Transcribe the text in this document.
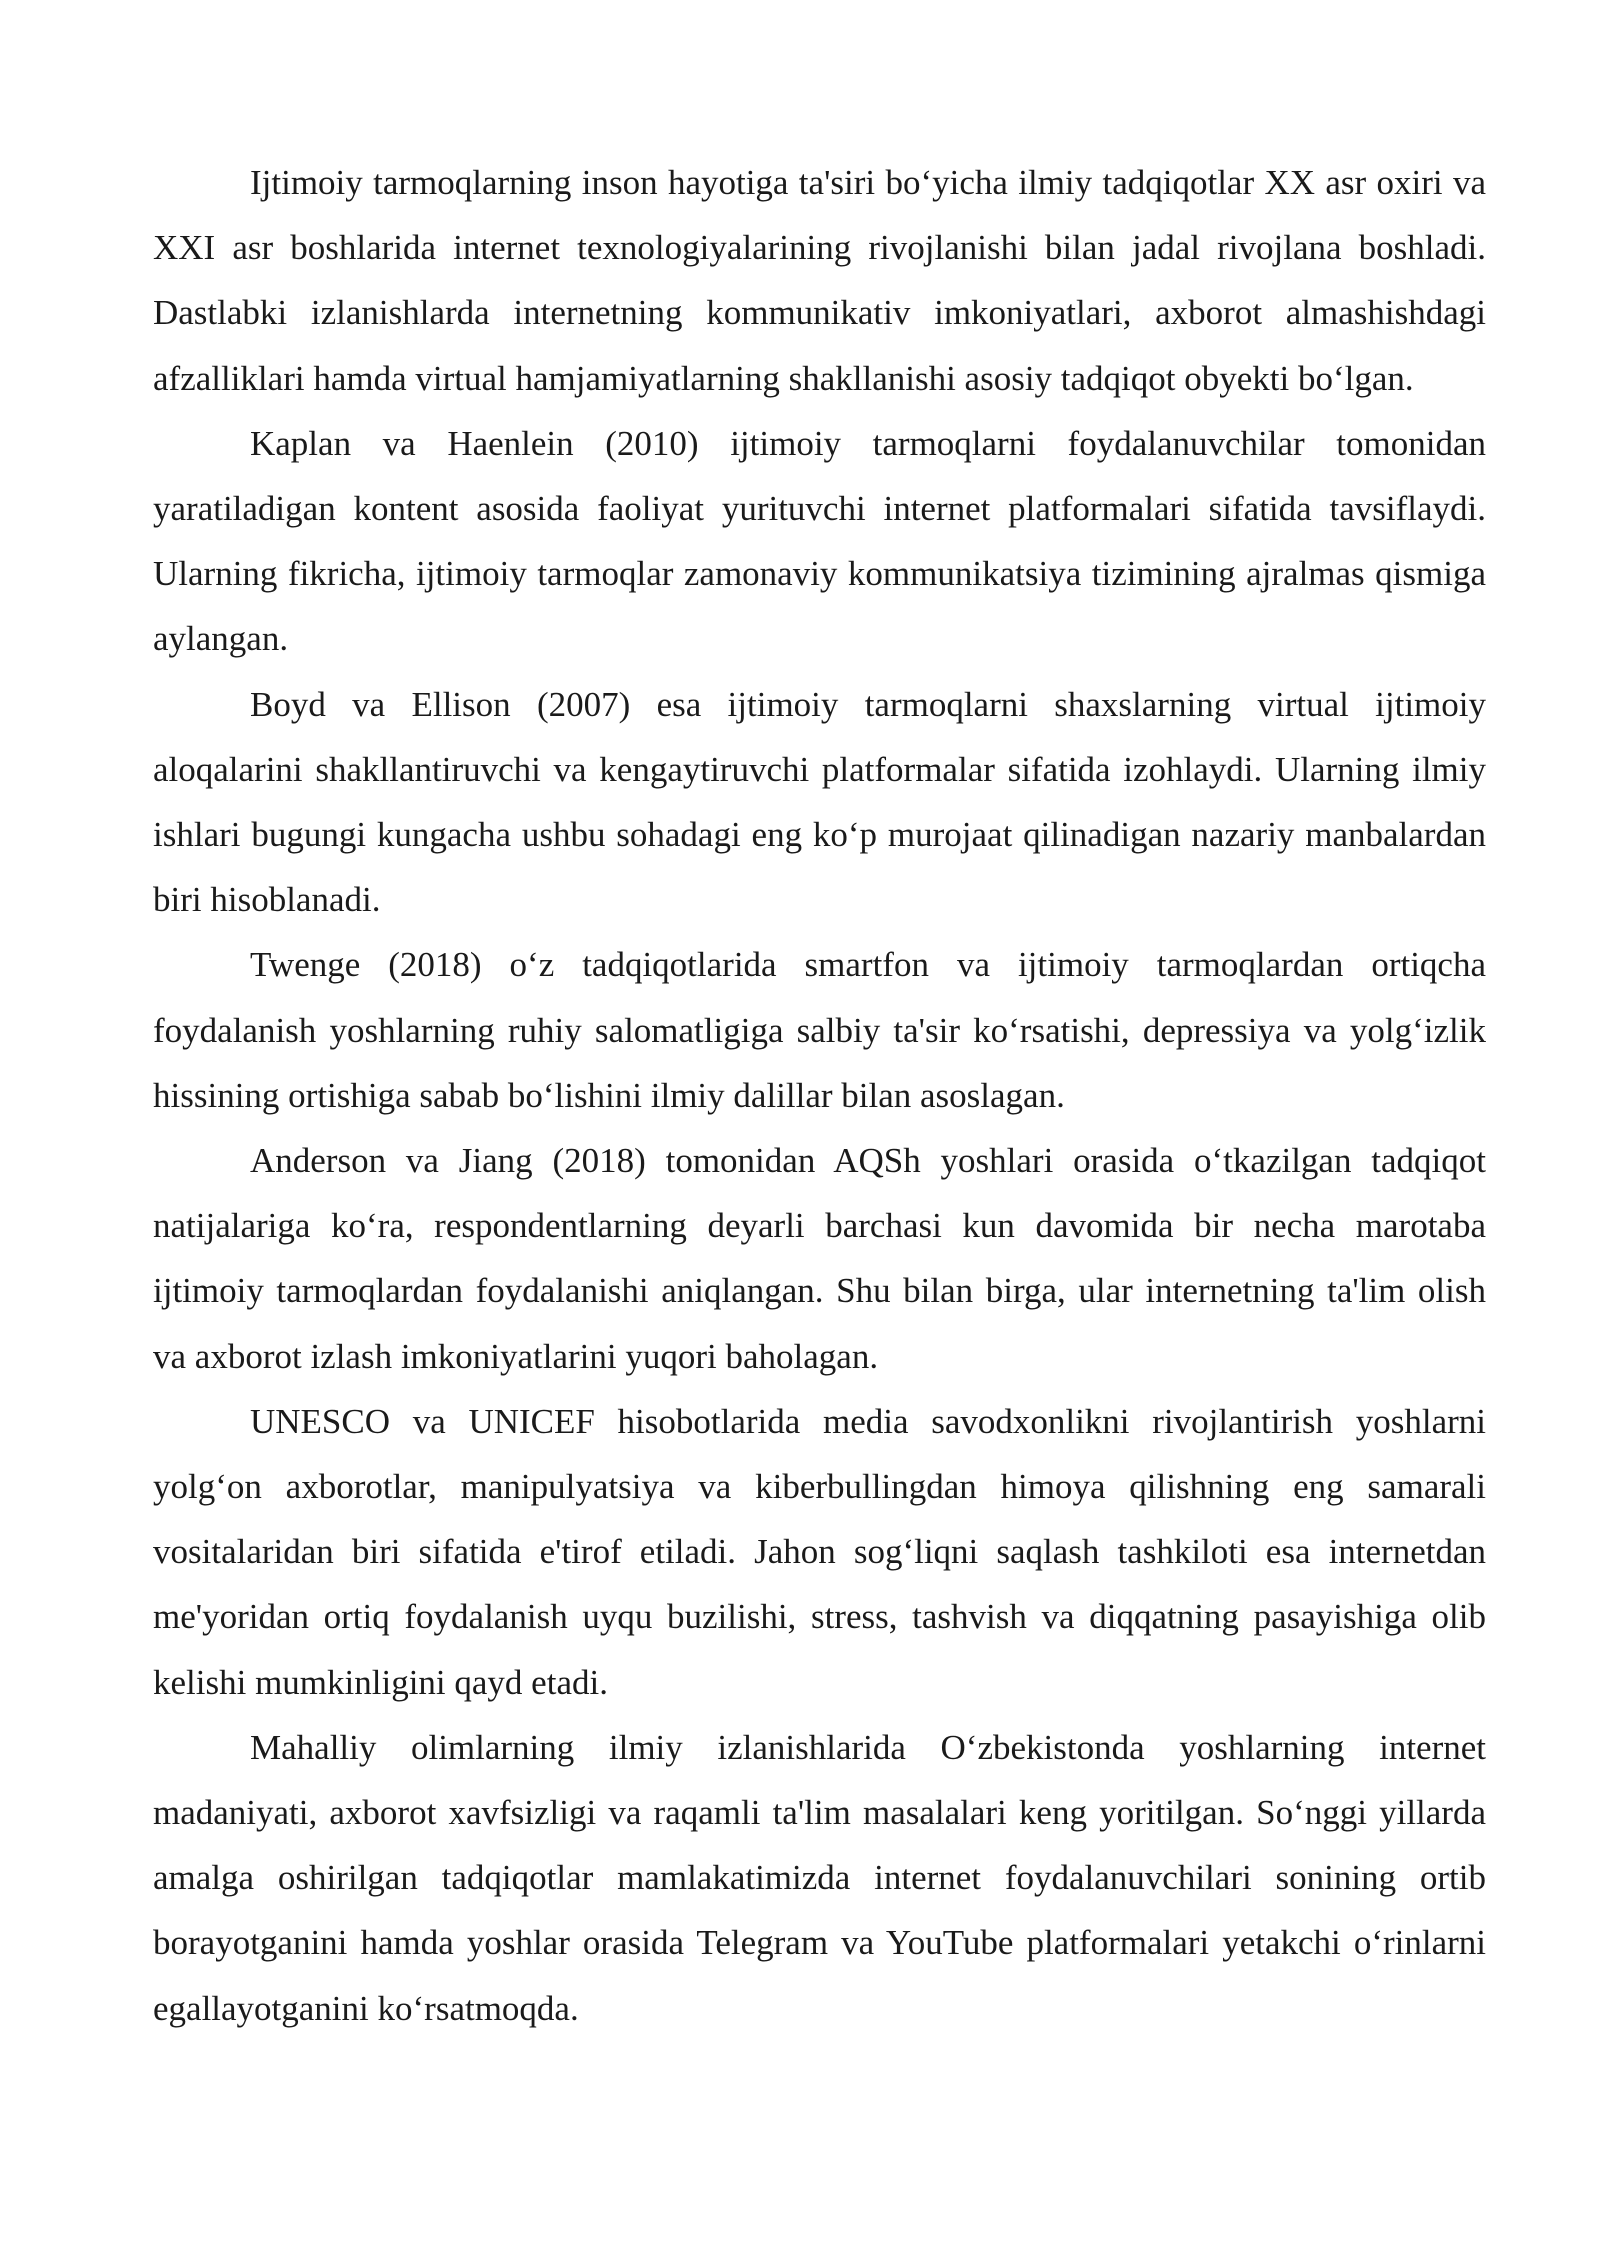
Ijtimoiy tarmoqlarning inson hayotiga ta'siri bo‘yicha ilmiy tadqiqotlar XX asr oxiri va XXI asr boshlarida internet texnologiyalarining rivojlanishi bilan jadal rivojlana boshladi. Dastlabki izlanishlarda internetning kommunikativ imkoniyatlari, axborot almashishdagi afzalliklari hamda virtual hamjamiyatlarning shakllanishi asosiy tadqiqot obyekti bo‘lgan.

Kaplan va Haenlein (2010) ijtimoiy tarmoqlarni foydalanuvchilar tomonidan yaratiladigan kontent asosida faoliyat yurituvchi internet platformalari sifatida tavsiflaydi. Ularning fikricha, ijtimoiy tarmoqlar zamonaviy kommunikatsiya tizimining ajralmas qismiga aylangan.

Boyd va Ellison (2007) esa ijtimoiy tarmoqlarni shaxslarning virtual ijtimoiy aloqalarini shakllantiruvchi va kengaytiruvchi platformalar sifatida izohlaydi. Ularning ilmiy ishlari bugungi kungacha ushbu sohadagi eng ko‘p murojaat qilinadigan nazariy manbalardan biri hisoblanadi.

Twenge (2018) o‘z tadqiqotlarida smartfon va ijtimoiy tarmoqlardan ortiqcha foydalanish yoshlarning ruhiy salomatligiga salbiy ta'sir ko‘rsatishi, depressiya va yolg‘izlik hissining ortishiga sabab bo‘lishini ilmiy dalillar bilan asoslagan.

Anderson va Jiang (2018) tomonidan AQSh yoshlari orasida o‘tkazilgan tadqiqot natijalariga ko‘ra, respondentlarning deyarli barchasi kun davomida bir necha marotaba ijtimoiy tarmoqlardan foydalanishi aniqlangan. Shu bilan birga, ular internetning ta'lim olish va axborot izlash imkoniyatlarini yuqori baholagan.

UNESCO va UNICEF hisobotlarida media savodxonlikni rivojlantirish yoshlarni yolg‘on axborotlar, manipulyatsiya va kiberbullingdan himoya qilishning eng samarali vositalaridan biri sifatida e'tirof etiladi. Jahon sog‘liqni saqlash tashkiloti esa internetdan me'yoridan ortiq foydalanish uyqu buzilishi, stress, tashvish va diqqatning pasayishiga olib kelishi mumkinligini qayd etadi.

Mahalliy olimlarning ilmiy izlanishlarida O‘zbekistonda yoshlarning internet madaniyati, axborot xavfsizligi va raqamli ta'lim masalalari keng yoritilgan. So‘nggi yillarda amalga oshirilgan tadqiqotlar mamlakatimizda internet foydalanuvchilari sonining ortib borayotganini hamda yoshlar orasida Telegram va YouTube platformalari yetakchi o‘rinlarni egallayotganini ko‘rsatmoqda.
